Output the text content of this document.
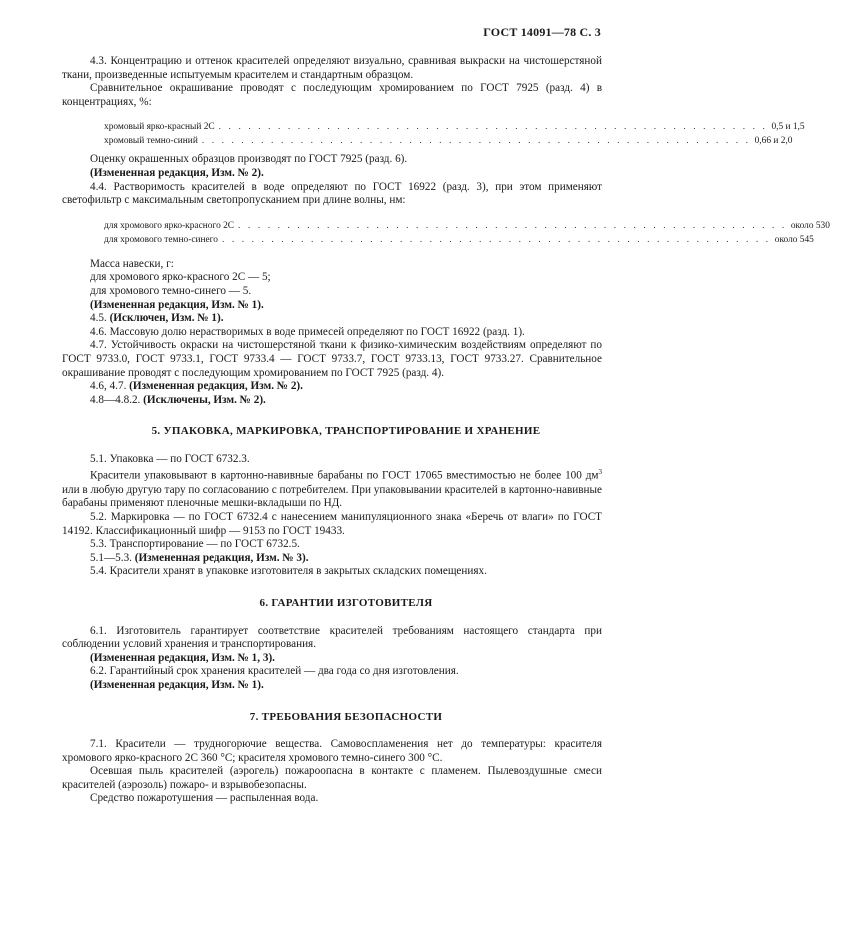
ГОСТ 14091—78 С. 3

4.3. Концентрацию и оттенок красителей определяют визуально, сравнивая выкраски на чистошерстяной ткани, произведенные испытуемым красителем и стандартным образцом.

Сравнительное окрашивание проводят с последующим хромированием по ГОСТ 7925 (разд. 4) в концентрациях, %:

хромовый ярко-красный 2С . . . . . . . . . . . . . . . . . . . . . . . . . . . . . . . . . . . . . . . . . . . . . . . . . . . . . . . . 0,5 и 1,5
хромовый темно-синий . . . . . . . . . . . . . . . . . . . . . . . . . . . . . . . . . . . . . . . . . . . . . . . . . . . . . . . . 0,66 и 2,0

Оценку окрашенных образцов производят по ГОСТ 7925 (разд. 6).

(Измененная редакция, Изм. № 2).

4.4. Растворимость красителей в воде определяют по ГОСТ 16922 (разд. 3), при этом применяют светофильтр с максимальным светопропусканием при длине волны, нм:

для хромового ярко-красного 2С . . . . . . . . . . . . . . . . . . . . . . . . . . . . . . . . . . . . . . . . . . . . . . . . . . . . . . . . около 530
для хромового темно-синего . . . . . . . . . . . . . . . . . . . . . . . . . . . . . . . . . . . . . . . . . . . . . . . . . . . . . . . . около 545

Масса навески, г:

для хромового ярко-красного 2С — 5;

для хромового темно-синего — 5.

(Измененная редакция, Изм. № 1).

4.5. (Исключен, Изм. № 1).

4.6. Массовую долю нерастворимых в воде примесей определяют по ГОСТ 16922 (разд. 1).

4.7. Устойчивость окраски на чистошерстяной ткани к физико-химическим воздействиям определяют по ГОСТ 9733.0, ГОСТ 9733.1, ГОСТ 9733.4 — ГОСТ 9733.7, ГОСТ 9733.13, ГОСТ 9733.27. Сравнительное окрашивание проводят с последующим хромированием по ГОСТ 7925 (разд. 4).

4.6, 4.7. (Измененная редакция, Изм. № 2).

4.8—4.8.2. (Исключены, Изм. № 2).

5. УПАКОВКА, МАРКИРОВКА, ТРАНСПОРТИРОВАНИЕ И ХРАНЕНИЕ

5.1. Упаковка — по ГОСТ 6732.3.

Красители упаковывают в картонно-навивные барабаны по ГОСТ 17065 вместимостью не более 100 $дм^3$ или в любую другую тару по согласованию с потребителем. При упаковывании красителей в картонно-навивные барабаны применяют пленочные мешки-вкладыши по НД.

5.2. Маркировка — по ГОСТ 6732.4 с нанесением манипуляционного знака «Беречь от влаги» по ГОСТ 14192. Классификационный шифр — 9153 по ГОСТ 19433.

5.3. Транспортирование — по ГОСТ 6732.5.

5.1—5.3. (Измененная редакция, Изм. № 3).

5.4. Красители хранят в упаковке изготовителя в закрытых складских помещениях.

6. ГАРАНТИИ ИЗГОТОВИТЕЛЯ

6.1. Изготовитель гарантирует соответствие красителей требованиям настоящего стандарта при соблюдении условий хранения и транспортирования.

(Измененная редакция, Изм. № 1, 3).

6.2. Гарантийный срок хранения красителей — два года со дня изготовления.

(Измененная редакция, Изм. № 1).

7. ТРЕБОВАНИЯ БЕЗОПАСНОСТИ

7.1. Красители — трудногорючие вещества. Самовоспламенения нет до температуры: красителя хромового ярко-красного 2С 360 °С; красителя хромового темно-синего 300 °С.

Осевшая пыль красителей (аэрогель) пожароопасна в контакте с пламенем. Пылевоздушные смеси красителей (аэрозоль) пожаро- и взрывобезопасны.

Средство пожаротушения — распыленная вода.
